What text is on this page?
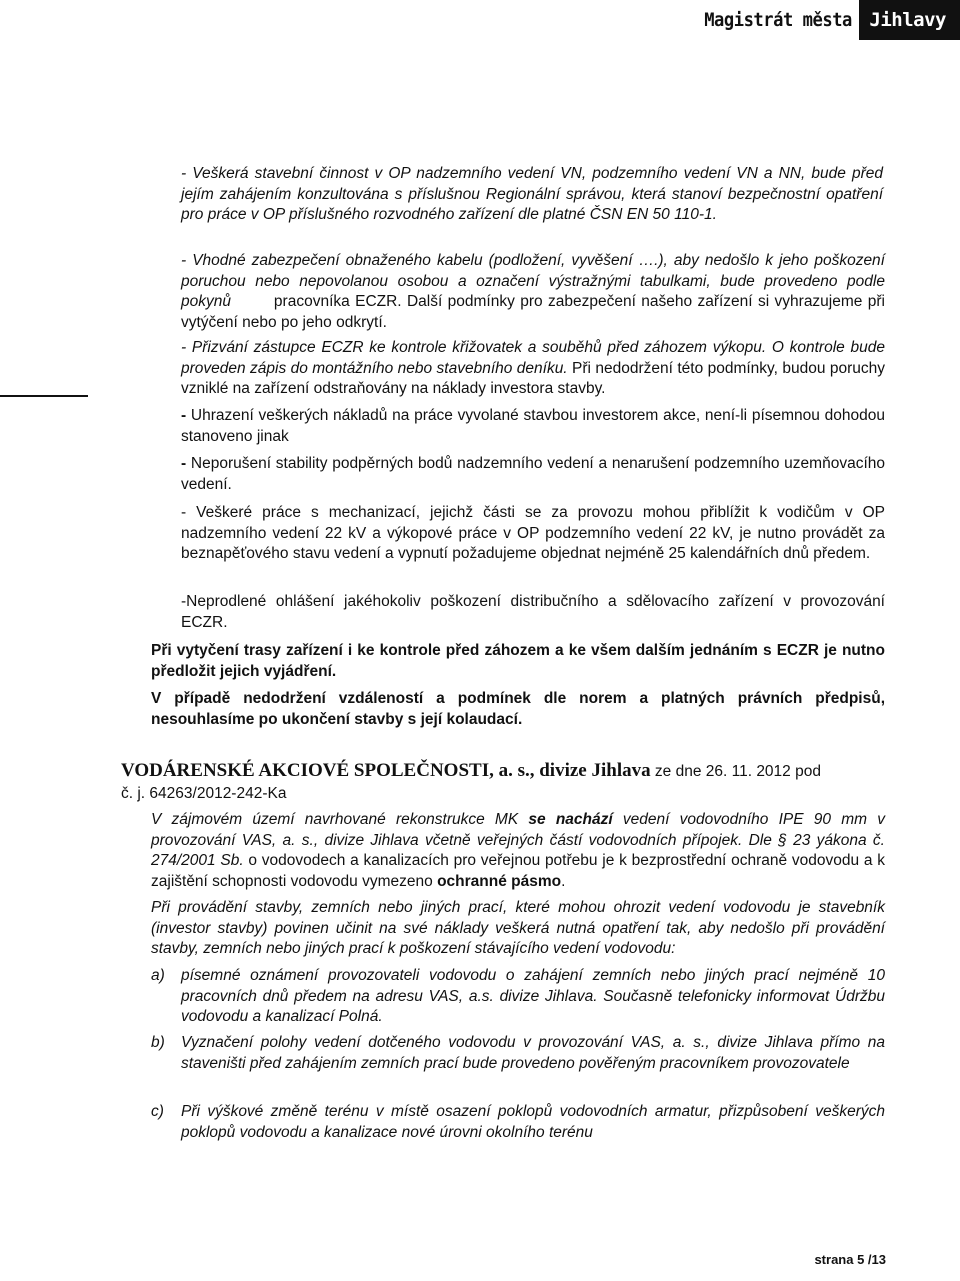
Magistrát města Jihlavy

- Veškerá stavební činnost v OP nadzemního vedení VN, podzemního vedení VN a NN, bude před jejím zahájením konzultována s příslušnou Regionální správou, která stanoví bezpečnostní opatření pro práce v OP příslušného rozvodného zařízení dle platné ČSN EN 50 110-1.

- Vhodné zabezpečení obnaženého kabelu (podložení, vyvěšení ….), aby nedošlo k jeho poškození poruchou nebo nepovolanou osobou a označení výstražnými tabulkami, bude provedeno podle pokynů	pracovníka ECZR. Další podmínky pro zabezpečení našeho zařízení si vyhrazujeme při vytýčení nebo po jeho odkrytí.

- Přizvání zástupce ECZR ke kontrole křižovatek a souběhů před záhozem výkopu. O kontrole bude proveden zápis do montážního nebo stavebního deníku. Při nedodržení této podmínky, budou poruchy vzniklé na zařízení odstraňovány na náklady investora stavby.

- Uhrazení veškerých nákladů na práce vyvolané stavbou investorem akce, není-li písemnou dohodou stanoveno jinak

- Neporušení stability podpěrných bodů nadzemního vedení a nenarušení podzemního uzemňovacího vedení.

- Veškeré práce s mechanizací, jejichž části se za provozu mohou přiblížit k vodičům v OP nadzemního vedení 22 kV a výkopové práce v OP podzemního vedení 22 kV, je nutno provádět za beznapěťového stavu vedení a vypnutí požadujeme objednat nejméně 25 kalendářních dnů předem.

-Neprodlené ohlášení jakéhokoliv poškození distribučního a sdělovacího zařízení v provozování ECZR.

Při vytyčení trasy zařízení i ke kontrole před záhozem a ke všem dalším jednáním s ECZR je nutno předložit jejich vyjádření.

V případě nedodržení vzdáleností a podmínek dle norem a platných právních předpisů, nesouhlasíme po ukončení stavby s její kolaudací.

VODÁRENSKÉ AKCIOVÉ SPOLEČNOSTI, a. s., divize Jihlava ze dne 26. 11. 2012 pod

č. j. 64263/2012-242-Ka

V zájmovém území navrhované rekonstrukce MK se nachází vedení vodovodního IPE 90 mm v provozování VAS, a. s., divize Jihlava včetně veřejných částí vodovodních přípojek. Dle § 23 yákona č. 274/2001 Sb. o vodovodech a kanalizacích pro veřejnou potřebu je k bezprostřední ochraně vodovodu a k zajištění schopnosti vodovodu vymezeno ochranné pásmo.

Při provádění stavby, zemních nebo jiných prací, které mohou ohrozit vedení vodovodu je stavebník (investor stavby) povinen učinit na své náklady veškerá nutná opatření tak, aby nedošlo při provádění stavby, zemních nebo jiných prací k poškození stávajícího vedení vodovodu:

a)	písemné oznámení provozovateli vodovodu o zahájení zemních nebo jiných prací nejméně 10 pracovních dnů předem na adresu VAS, a.s. divize Jihlava. Současně telefonicky informovat Údržbu vodovodu a kanalizací Polná.
b)	Vyznačení polohy vedení dotčeného vodovodu v provozování VAS, a. s., divize Jihlava přímo na staveništi před zahájením zemních prací bude provedeno pověřeným pracovníkem provozovatele
c)	Při výškové změně terénu v místě osazení poklopů vodovodních armatur, přizpůsobení veškerých poklopů vodovodu a kanalizace nové úrovni okolního terénu
strana 5 /13
